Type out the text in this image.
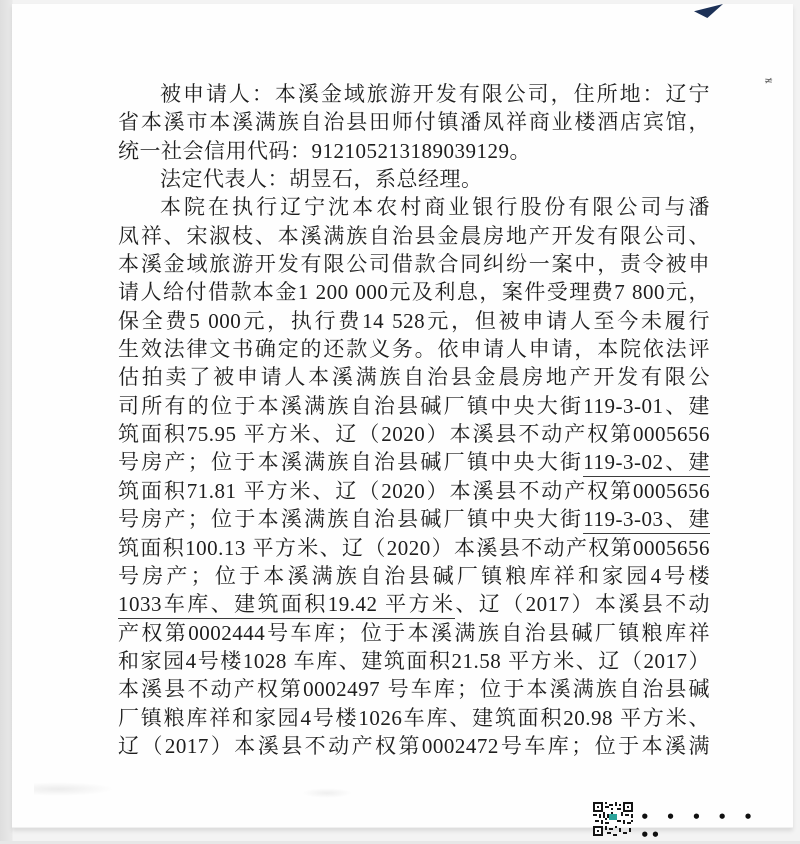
≠
被申请人：本溪金域旅游开发有限公司，住所地：辽宁
省本溪市本溪满族自治县田师付镇潘凤祥商业楼酒店宾馆，
统一社会信用代码：912105213189039129。
法定代表人：胡昱石，系总经理。
本院在执行辽宁沈本农村商业银行股份有限公司与潘
凤祥、宋淑枝、本溪满族自治县金晨房地产开发有限公司、
本溪金域旅游开发有限公司借款合同纠纷一案中，责令被申
请人给付借款本金1 200 000元及利息，案件受理费7 800元，
保全费5 000元，执行费14 528元，但被申请人至今未履行
生效法律文书确定的还款义务。依申请人申请，本院依法评
估拍卖了被申请人本溪满族自治县金晨房地产开发有限公
司所有的位于本溪满族自治县碱厂镇中央大街119-3-01、建
筑面积75.95 平方米、辽（2020）本溪县不动产权第0005656
号房产；位于本溪满族自治县碱厂镇中央大街119-3-02、建
筑面积71.81 平方米、辽（2020）本溪县不动产权第0005656
号房产；位于本溪满族自治县碱厂镇中央大街119-3-03、建
筑面积100.13 平方米、辽（2020）本溪县不动产权第0005656
号房产；位于本溪满族自治县碱厂镇粮库祥和家园4号楼
1033车库、建筑面积19.42 平方米、辽（2017）本溪县不动
产权第0002444号车库；位于本溪满族自治县碱厂镇粮库祥
和家园4号楼1028 车库、建筑面积21.58 平方米、辽（2017）
本溪县不动产权第0002497 号车库；位于本溪满族自治县碱
厂镇粮库祥和家园4号楼1026车库、建筑面积20.98 平方米、
辽（2017）本溪县不动产权第0002472号车库；位于本溪满
• • • • • ••
